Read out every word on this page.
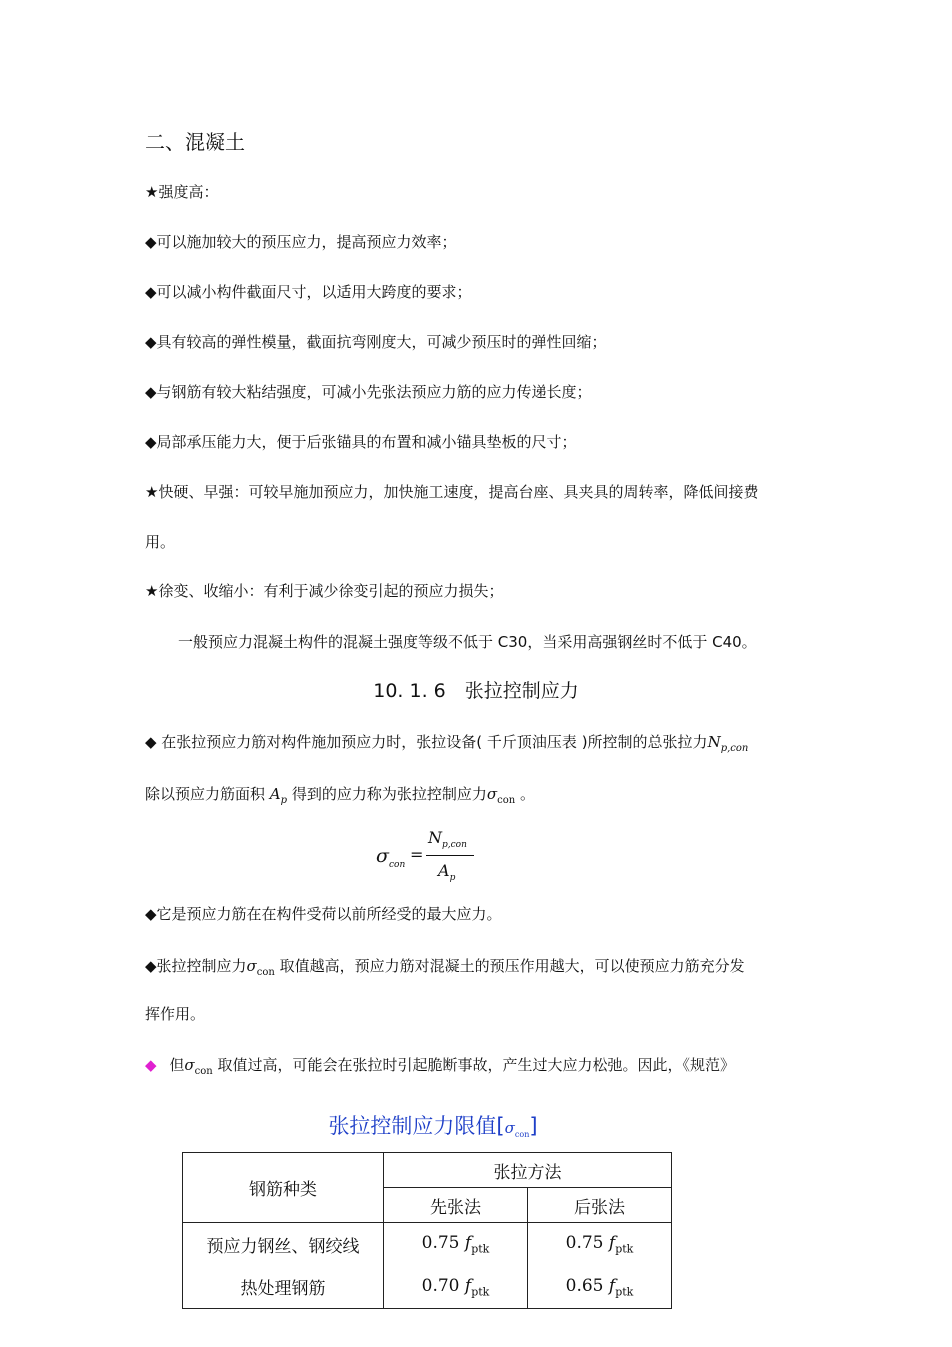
二、混凝土
★强度高：
◆可以施加较大的预压应力，提高预应力效率；
◆可以减小构件截面尺寸，以适用大跨度的要求；
◆具有较高的弹性模量，截面抗弯刚度大，可减少预压时的弹性回缩；
◆与钢筋有较大粘结强度，可减小先张法预应力筋的应力传递长度；
◆局部承压能力大，便于后张锚具的布置和减小锚具垫板的尺寸；
★快硬、早强：可较早施加预应力，加快施工速度，提高台座、具夹具的周转率，降低间接费
用。
★徐变、收缩小：有利于减少徐变引起的预应力损失；
一般预应力混凝土构件的混凝土强度等级不低于 C30，当采用高强钢丝时不低于 C40。
10. 1. 6　张拉控制应力
◆ 在张拉预应力筋对构件施加预应力时，张拉设备( 千斤顶油压表 )所控制的总张拉力$N_{p,con}$
除以预应力筋面积 $A_p$ 得到的应力称为张拉控制应力$\sigma_{con}$ 。
$\sigma_{con}$
=
$N_{p,con}$
$A_p$
◆它是预应力筋在在构件受荷以前所经受的最大应力。
◆张拉控制应力$\sigma_{con}$ 取值越高，预应力筋对混凝土的预压作用越大，可以使预应力筋充分发
挥作用。
◆ 但$\sigma_{con}$ 取值过高，可能会在张拉时引起脆断事故，产生过大应力松弛。因此，《规范》
张拉控制应力限值$[\sigma_{con}]$
钢筋种类	张拉方法	
	先张法	后张法
预应力钢丝、钢绞线	0.75 $f_{ptk}$	0.75 $f_{ptk}$
热处理钢筋	0.70 $f_{ptk}$	0.65 $f_{ptk}$
